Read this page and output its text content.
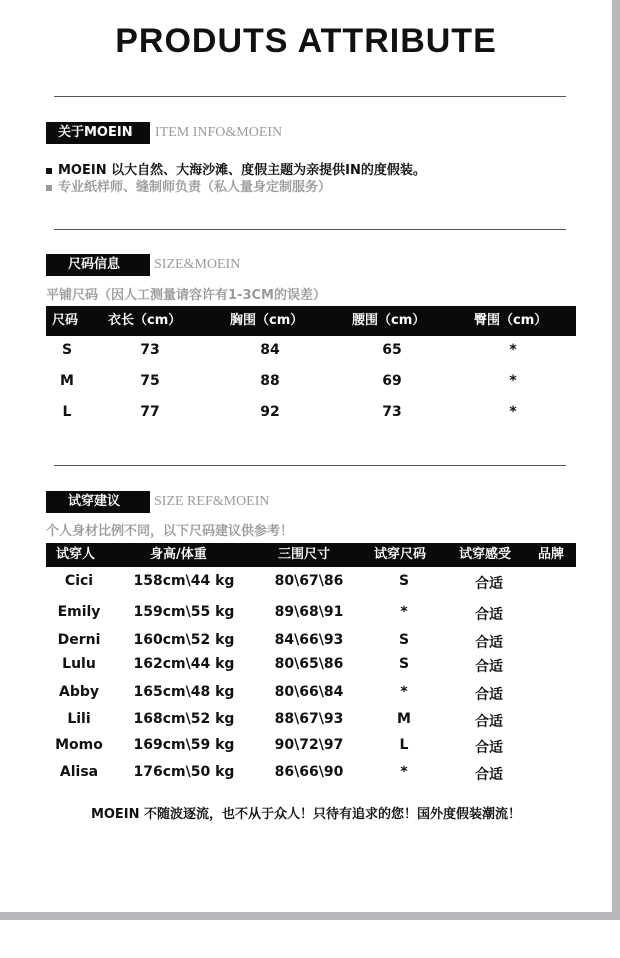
PRODUTS ATTRIBUTE
关于MOEIN	ITEM INFO&MOEIN
MOEIN 以大自然、大海沙滩、度假主题为亲提供IN的度假装。
专业纸样师、缝制师负责（私人量身定制服务）
尺码信息	SIZE&MOEIN
平铺尺码（因人工测量请容许有1-3CM的误差）
尺码 衣长（cm）	胸围（cm）	腰围（cm）	臀围（cm）
S	73	84	65	*
M	75	88	69	*
L	77	92	73	*
试穿建议	SIZE REF&MOEIN
个人身材比例不同，以下尺码建议供参考！
试穿人	身高/体重	三围尺寸	试穿尺码	试穿感受 品牌
Cici	158cm\44 kg	80\67\86	S	合适
Emily 159cm\55 kg	89\68\91	*	合适
Derni 160cm\52 kg	84\66\93	S	合适
Lulu	162cm\44 kg	80\65\86	S	合适
Abby 165cm\48 kg	80\66\84	*	合适
Lili	168cm\52 kg	88\67\93	M	合适
Momo 169cm\59 kg	90\72\97	L	合适
Alisa	176cm\50 kg	86\66\90	*	合适
MOEIN 不随波逐流，也不从于众人！只待有追求的您！国外度假装潮流！
